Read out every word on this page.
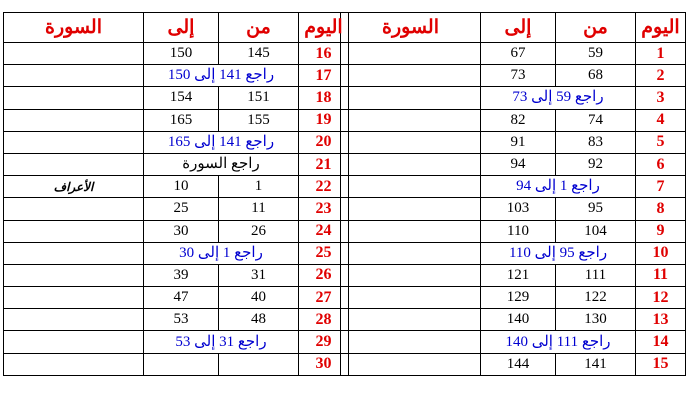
اليوم	من	إلى	السورة
1	59	67	
2	68	73	
3	راجع 59 إلى 73		
4	74	82	
5	83	91	
6	92	94	
7	راجع 1 إلى 94		
8	95	103	
9	104	110	
10	راجع 95 إلى 110		
11	111	121	
12	122	129	
13	130	140	
14	راجع 111 إلى 140		
15	141	144	
اليوم	من	إلى	السورة
16	145	150	
17	راجع 141 إلى 150		
18	151	154	
19	155	165	
20	راجع 141 إلى 165		
21	راجع السورة		
22	1	10	الأعراف
23	11	25	
24	26	30	
25	راجع 1 إلى 30		
26	31	39	
27	40	47	
28	48	53	
29	راجع 31 إلى 53		
30			
